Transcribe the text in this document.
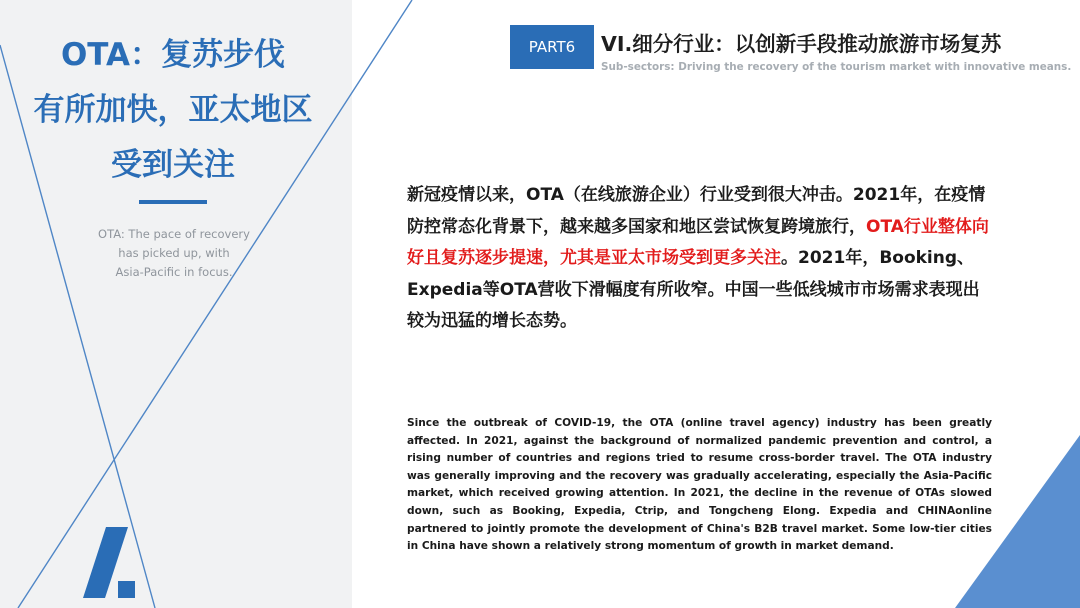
OTA：复苏步伐
有所加快，亚太地区
受到关注
OTA: The pace of recovery
has picked up, with
Asia-Pacific in focus.
PART6	VI.细分行业：以创新手段推动旅游市场复苏
Sub-sectors: Driving the recovery of the tourism market with innovative means.

新冠疫情以来，OTA（在线旅游企业）行业受到很大冲击。2021年，在疫情防控常态化背景下，越来越多国家和地区尝试恢复跨境旅行，OTA行业整体向好且复苏逐步提速，尤其是亚太市场受到更多关注。2021年，Booking、Expedia等OTA营收下滑幅度有所收窄。中国一些低线城市市场需求表现出较为迅猛的增长态势。

Since the outbreak of COVID-19, the OTA (online travel agency) industry has been greatly affected. In 2021, against the background of normalized pandemic prevention and control, a rising number of countries and regions tried to resume cross-border travel. The OTA industry was generally improving and the recovery was gradually accelerating, especially the Asia-Pacific market, which received growing attention. In 2021, the decline in the revenue of OTAs slowed down, such as Booking, Expedia, Ctrip, and Tongcheng Elong. Expedia and CHINAonline partnered to jointly promote the development of China's B2B travel market. Some low-tier cities in China have shown a relatively strong momentum of growth in market demand.
